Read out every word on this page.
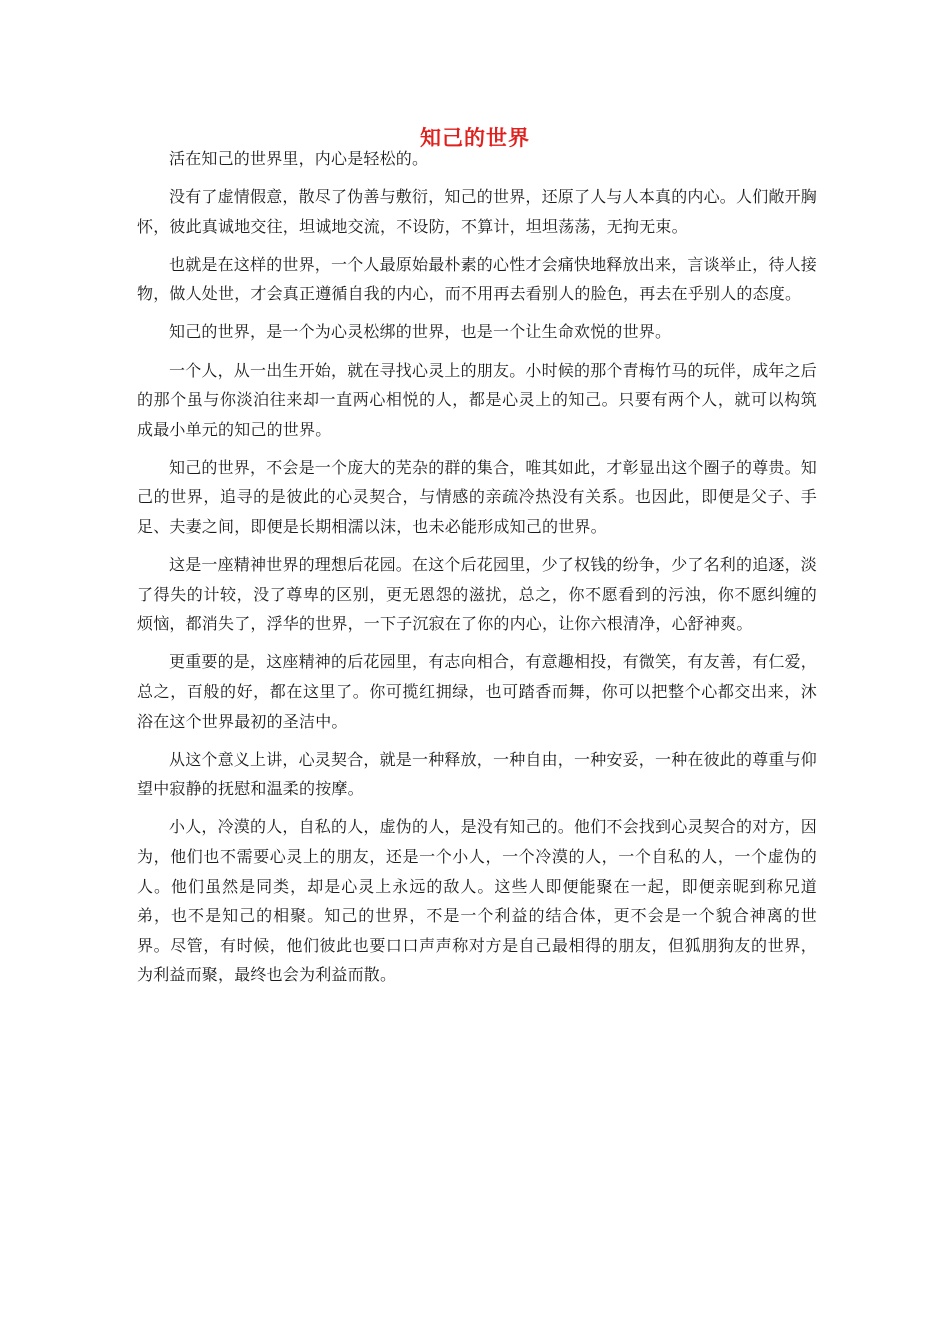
知己的世界

活在知己的世界里，内心是轻松的。

没有了虚情假意，散尽了伪善与敷衍，知己的世界，还原了人与人本真的内心。人们敞开胸怀，彼此真诚地交往，坦诚地交流，不设防，不算计，坦坦荡荡，无拘无束。

也就是在这样的世界，一个人最原始最朴素的心性才会痛快地释放出来，言谈举止，待人接物，做人处世，才会真正遵循自我的内心，而不用再去看别人的脸色，再去在乎别人的态度。

知己的世界，是一个为心灵松绑的世界，也是一个让生命欢悦的世界。

一个人，从一出生开始，就在寻找心灵上的朋友。小时候的那个青梅竹马的玩伴，成年之后的那个虽与你淡泊往来却一直两心相悦的人，都是心灵上的知己。只要有两个人，就可以构筑成最小单元的知己的世界。

知己的世界，不会是一个庞大的芜杂的群的集合，唯其如此，才彰显出这个圈子的尊贵。知己的世界，追寻的是彼此的心灵契合，与情感的亲疏冷热没有关系。也因此，即便是父子、手足、夫妻之间，即便是长期相濡以沫，也未必能形成知己的世界。

这是一座精神世界的理想后花园。在这个后花园里，少了权钱的纷争，少了名利的追逐，淡了得失的计较，没了尊卑的区别，更无恩怨的滋扰，总之，你不愿看到的污浊，你不愿纠缠的烦恼，都消失了，浮华的世界，一下子沉寂在了你的内心，让你六根清净，心舒神爽。

更重要的是，这座精神的后花园里，有志向相合，有意趣相投，有微笑，有友善，有仁爱，总之，百般的好，都在这里了。你可揽红拥绿，也可踏香而舞，你可以把整个心都交出来，沐浴在这个世界最初的圣洁中。

从这个意义上讲，心灵契合，就是一种释放，一种自由，一种安妥，一种在彼此的尊重与仰望中寂静的抚慰和温柔的按摩。

小人，冷漠的人，自私的人，虚伪的人，是没有知己的。他们不会找到心灵契合的对方，因为，他们也不需要心灵上的朋友，还是一个小人，一个冷漠的人，一个自私的人，一个虚伪的人。他们虽然是同类，却是心灵上永远的敌人。这些人即便能聚在一起，即便亲昵到称兄道弟，也不是知己的相聚。知己的世界，不是一个利益的结合体，更不会是一个貌合神离的世界。尽管，有时候，他们彼此也要口口声声称对方是自己最相得的朋友，但狐朋狗友的世界，为利益而聚，最终也会为利益而散。
